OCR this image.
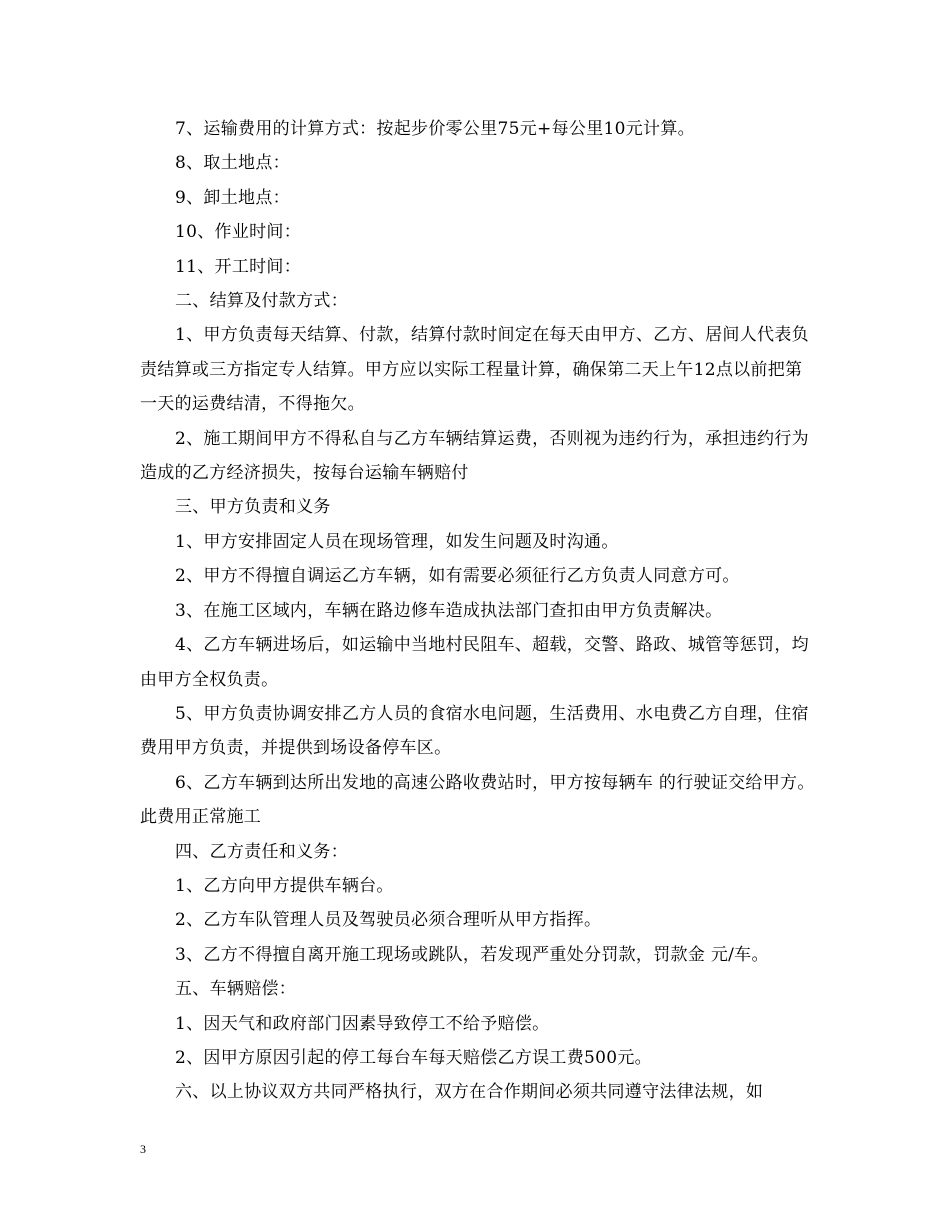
7、运输费用的计算方式：按起步价零公里75元+每公里10元计算。

8、取土地点：

9、卸土地点：

10、作业时间：

11、开工时间：

二、结算及付款方式：

1、甲方负责每天结算、付款，结算付款时间定在每天由甲方、乙方、居间人代表负责结算或三方指定专人结算。甲方应以实际工程量计算，确保第二天上午12点以前把第一天的运费结清，不得拖欠。

2、施工期间甲方不得私自与乙方车辆结算运费，否则视为违约行为，承担违约行为造成的乙方经济损失，按每台运输车辆赔付

三、甲方负责和义务

1、甲方安排固定人员在现场管理，如发生问题及时沟通。

2、甲方不得擅自调运乙方车辆，如有需要必须征行乙方负责人同意方可。

3、在施工区域内，车辆在路边修车造成执法部门查扣由甲方负责解决。

4、乙方车辆进场后，如运输中当地村民阻车、超载，交警、路政、城管等惩罚，均由甲方全权负责。

5、甲方负责协调安排乙方人员的食宿水电问题，生活费用、水电费乙方自理，住宿费用甲方负责，并提供到场设备停车区。

6、乙方车辆到达所出发地的高速公路收费站时，甲方按每辆车 的行驶证交给甲方。此费用正常施工

四、乙方责任和义务：

1、乙方向甲方提供车辆台。

2、乙方车队管理人员及驾驶员必须合理听从甲方指挥。

3、乙方不得擅自离开施工现场或跳队，若发现严重处分罚款，罚款金 元/车。

五、车辆赔偿：

1、因天气和政府部门因素导致停工不给予赔偿。

2、因甲方原因引起的停工每台车每天赔偿乙方误工费500元。

六、以上协议双方共同严格执行，双方在合作期间必须共同遵守法律法规，如

3
